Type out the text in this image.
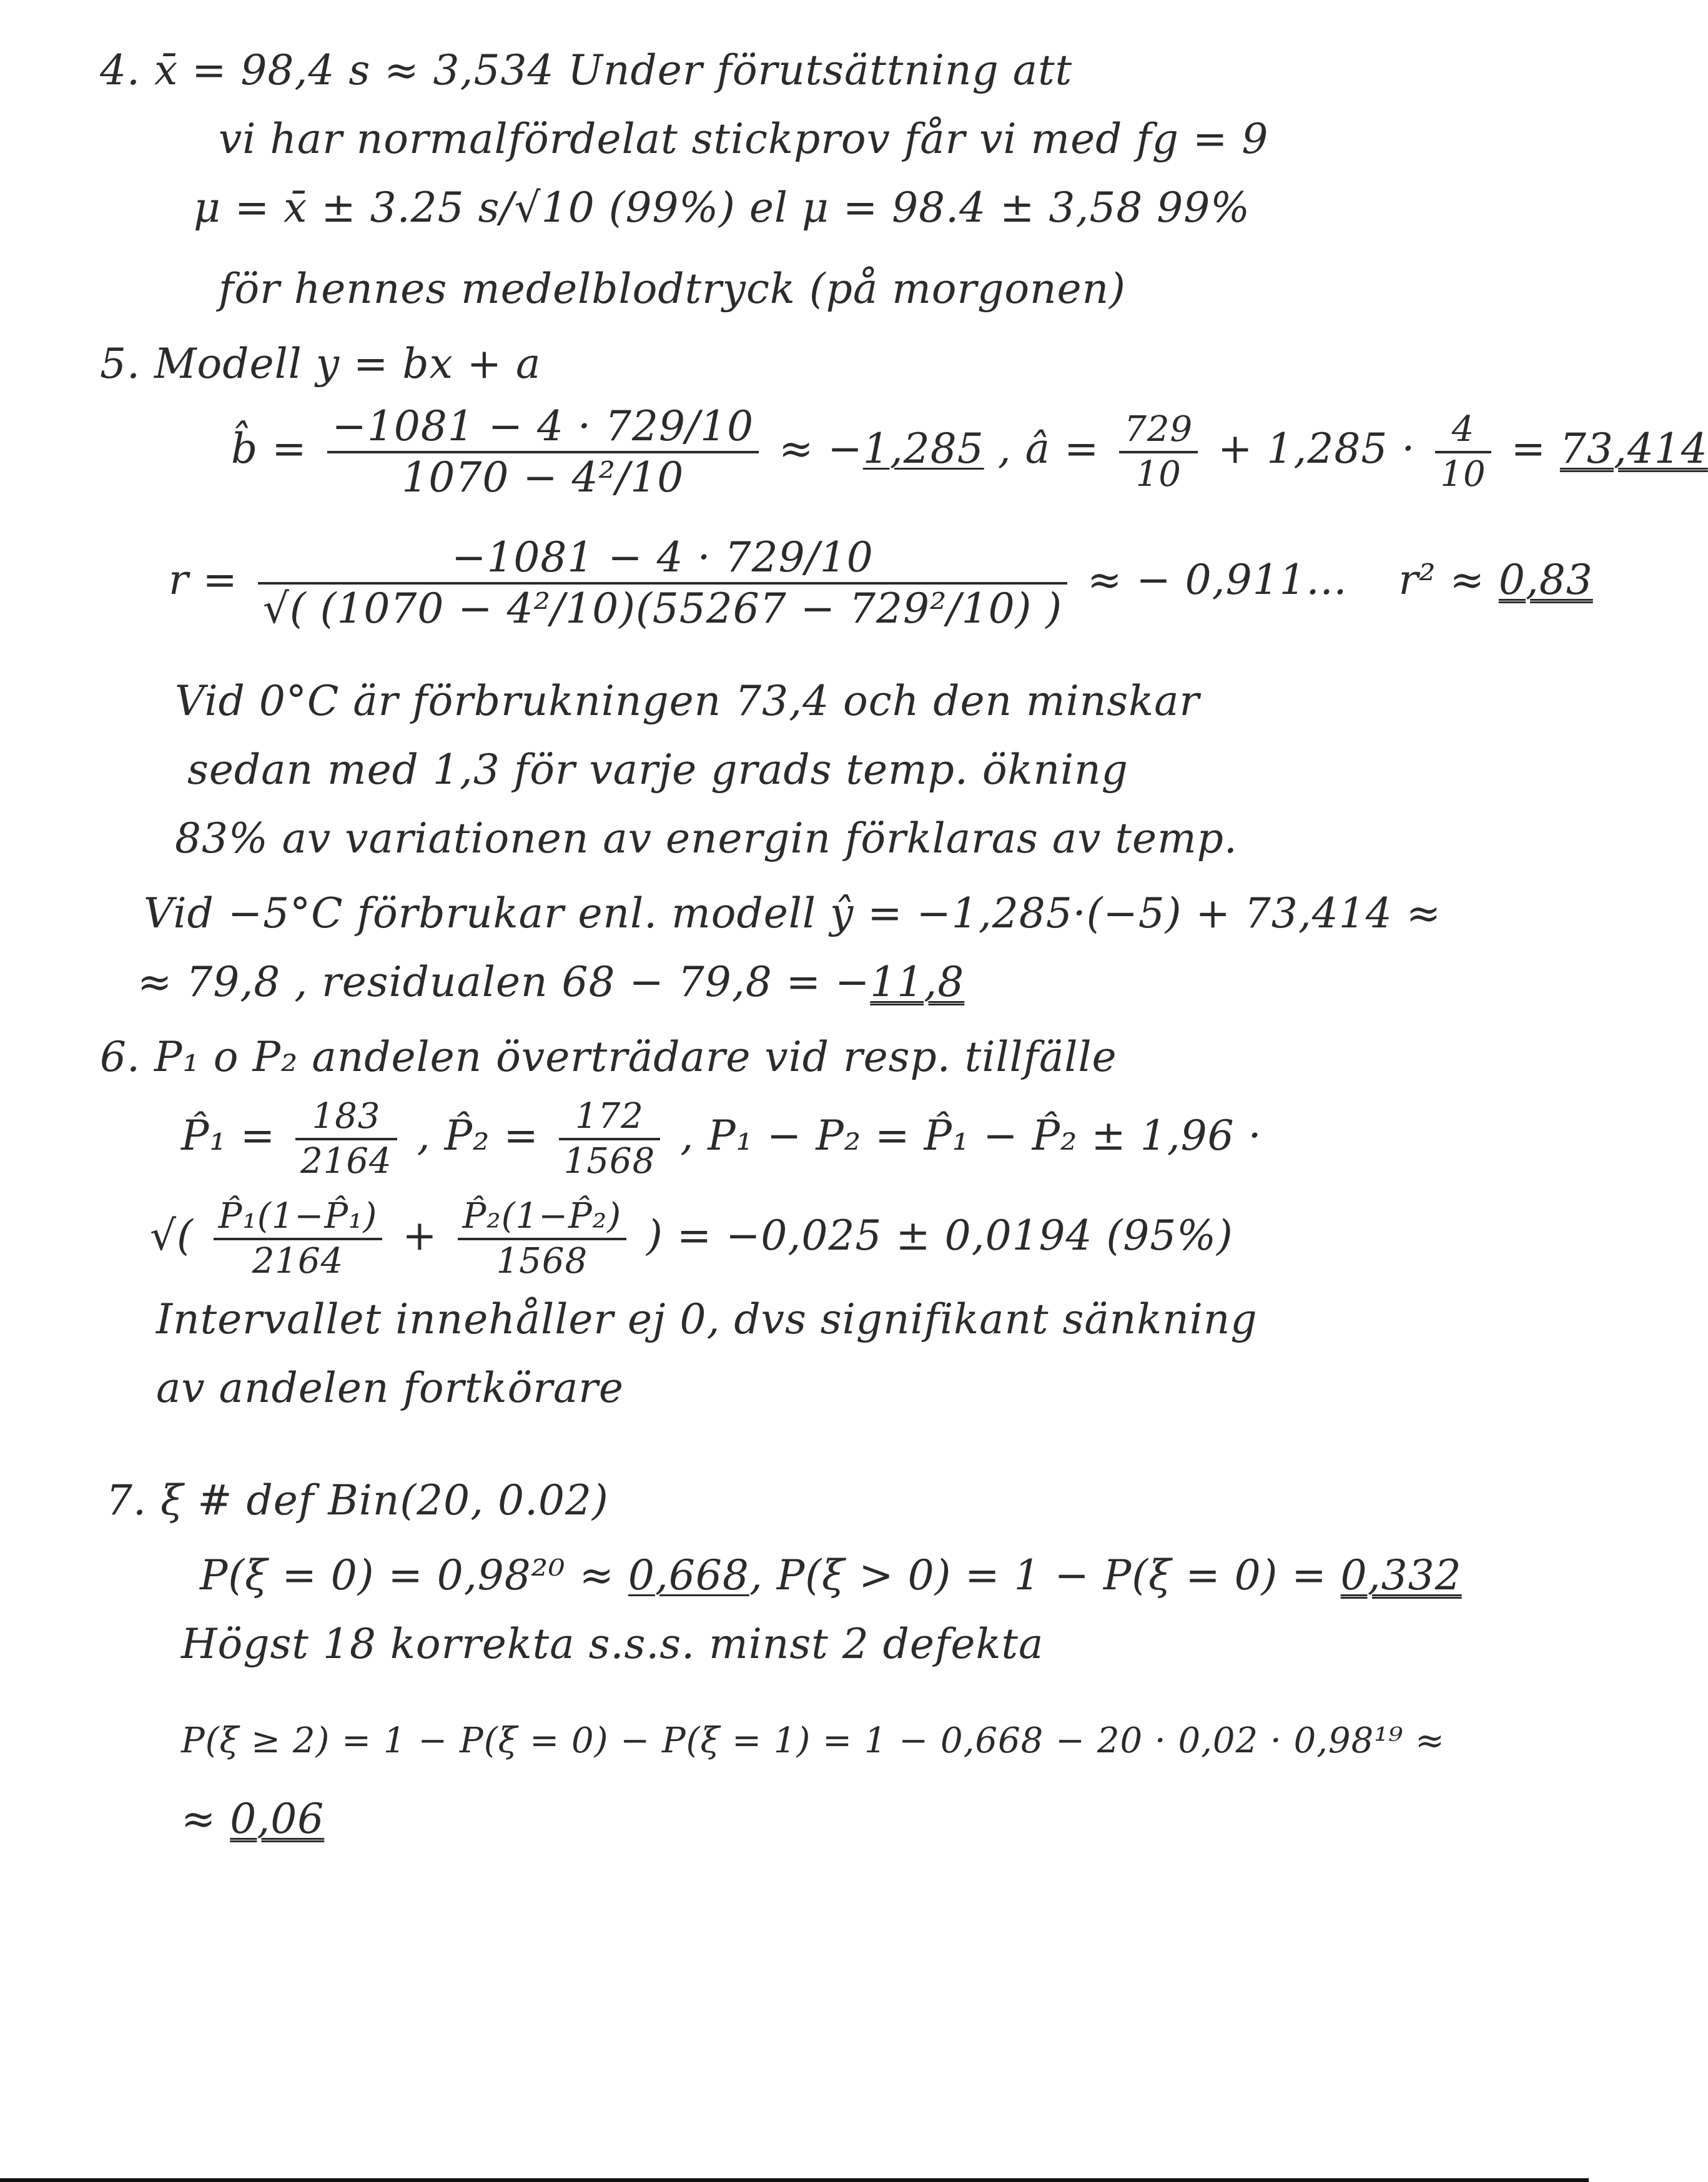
4. x̄ = 98,4 s ≈ 3,534 Under förutsättning att
vi har normalfördelat stickprov får vi med fg = 9
μ = x̄ ± 3.25 s/√10 (99%) el μ = 98.4 ± 3,58 99%
för hennes medelblodtryck (på morgonen)
5. Modell y = bx + a
b̂ = $\frac{-1081 - 4 \cdot 729/10}{\text{1070 − 4²/10}} \approx -1,285$ , â = $\frac{729}{10} + 1,285 \cdot \frac{4}{10} = 73,414$
$r = \frac{-1081 - 4 \cdot 729/10}{\text{√( (1070 − 4²/10)(55267 − 729²/10) )}}$ ≈ − 0,911... r² ≈ 0,83
Vid 0°C är förbrukningen 73,4 och den minskar
sedan med 1,3 för varje grads temp. ökning
83% av variationen av energin förklaras av temp.
Vid −5°C förbrukar enl. modell ŷ = −1,285·(−5) + 73,414 ≈
≈ 79,8 , residualen 68 − 79,8 = −11,8
6. P₁ o P₂ andelen överträdare vid resp. tillfälle
P̂₁ = $\frac{183}{2164}$ , P̂₂ = $\frac{172}{1568}$ , P₁ − P₂ = P̂₁ − P̂₂ ± 1,96 ·
√( $\frac{\text{P̂₁(1−P̂₁)}}{2164} + \frac{\text{P̂₂(1−P̂₂)}}{1568}$ ) = −0,025 ± 0,0194 (95%)
Intervallet innehåller ej 0, dvs signifikant sänkning
av andelen fortkörare
7. ξ # def Bin(20, 0.02)
P(ξ = 0) = 0,98²⁰ ≈ 0,668, P(ξ > 0) = 1 − P(ξ = 0) = 0,332
Högst 18 korrekta s.s.s. minst 2 defekta
P(ξ ≥ 2) = 1 − P(ξ = 0) − P(ξ = 1) = 1 − 0,668 − 20 · 0,02 · 0,98¹⁹ ≈
≈ 0,06
